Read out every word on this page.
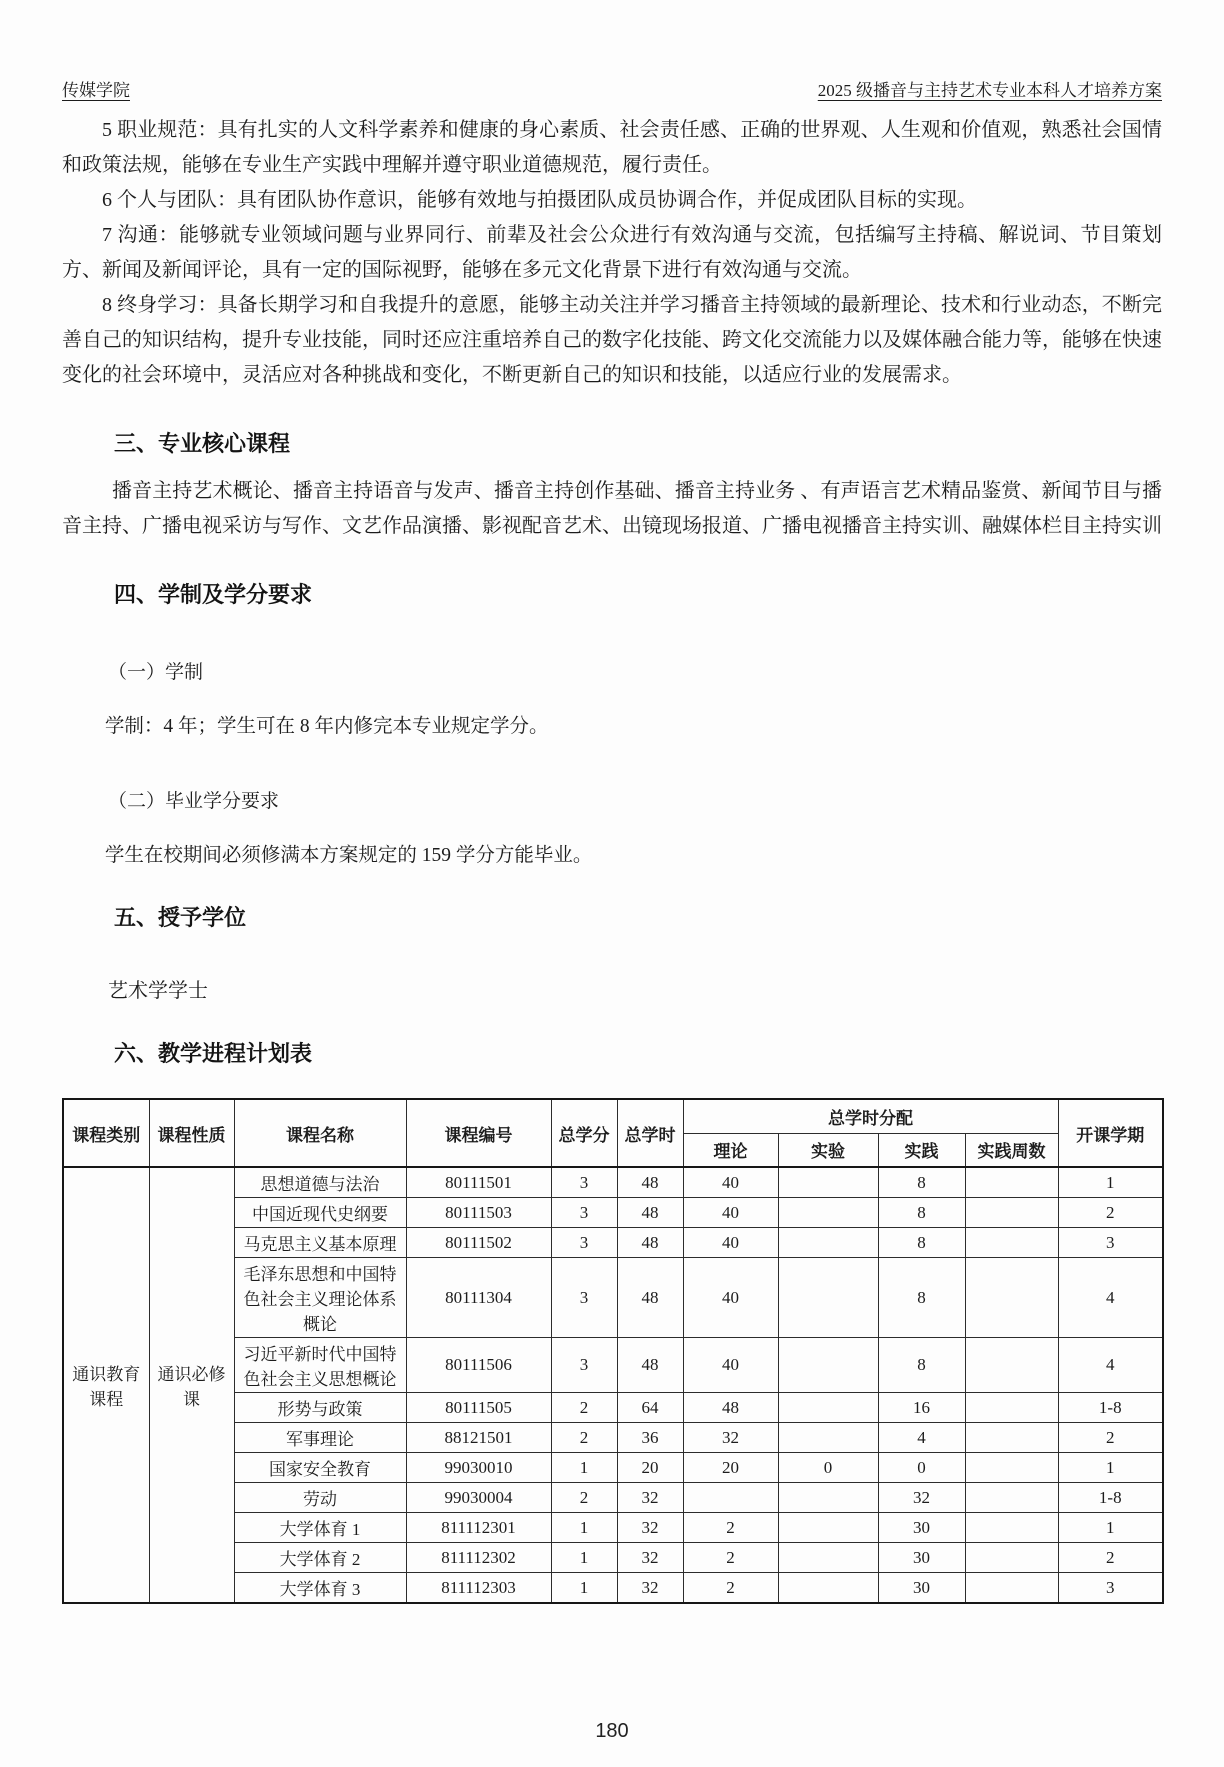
传媒学院	2025 级播音与主持艺术专业本科人才培养方案

5 职业规范：具有扎实的人文科学素养和健康的身心素质、社会责任感、正确的世界观、人生观和价值观，熟悉社会国情和政策法规，能够在专业生产实践中理解并遵守职业道德规范，履行责任。

6 个人与团队：具有团队协作意识，能够有效地与拍摄团队成员协调合作，并促成团队目标的实现。

7 沟通：能够就专业领域问题与业界同行、前辈及社会公众进行有效沟通与交流，包括编写主持稿、解说词、节目策划方、新闻及新闻评论，具有一定的国际视野，能够在多元文化背景下进行有效沟通与交流。

8 终身学习：具备长期学习和自我提升的意愿，能够主动关注并学习播音主持领域的最新理论、技术和行业动态，不断完善自己的知识结构，提升专业技能，同时还应注重培养自己的数字化技能、跨文化交流能力以及媒体融合能力等，能够在快速变化的社会环境中，灵活应对各种挑战和变化，不断更新自己的知识和技能，以适应行业的发展需求。

三、专业核心课程

播音主持艺术概论、播音主持语音与发声、播音主持创作基础、播音主持业务 、有声语言艺术精品鉴赏、新闻节目与播音主持、广播电视采访与写作、文艺作品演播、影视配音艺术、出镜现场报道、广播电视播音主持实训、融媒体栏目主持实训

四、学制及学分要求
（一）学制

学制：4 年；学生可在 8 年内修完本专业规定学分。

（二）毕业学分要求

学生在校期间必须修满本方案规定的 159 学分方能毕业。

五、授予学位

艺术学学士

六、教学进程计划表
课程类别	课程性质	课程名称	课程编号	总学分	总学时	总学时分配				开课学期
						理论	实验	实践	实践周数	
通识教育课程	通识必修课	思想道德与法治	80111501	3	48	40		8		1
		中国近现代史纲要	80111503	3	48	40		8		2
		马克思主义基本原理	80111502	3	48	40		8		3
		毛泽东思想和中国特色社会主义理论体系概论	80111304	3	48	40		8		4
		习近平新时代中国特色社会主义思想概论	80111506	3	48	40		8		4
		形势与政策	80111505	2	64	48		16		1-8
		军事理论	88121501	2	36	32		4		2
		国家安全教育	99030010	1	20	20	0	0		1
		劳动	99030004	2	32			32		1-8
		大学体育 1	811112301	1	32	2		30		1
		大学体育 2	811112302	1	32	2		30		2
		大学体育 3	811112303	1	32	2		30		3
180
